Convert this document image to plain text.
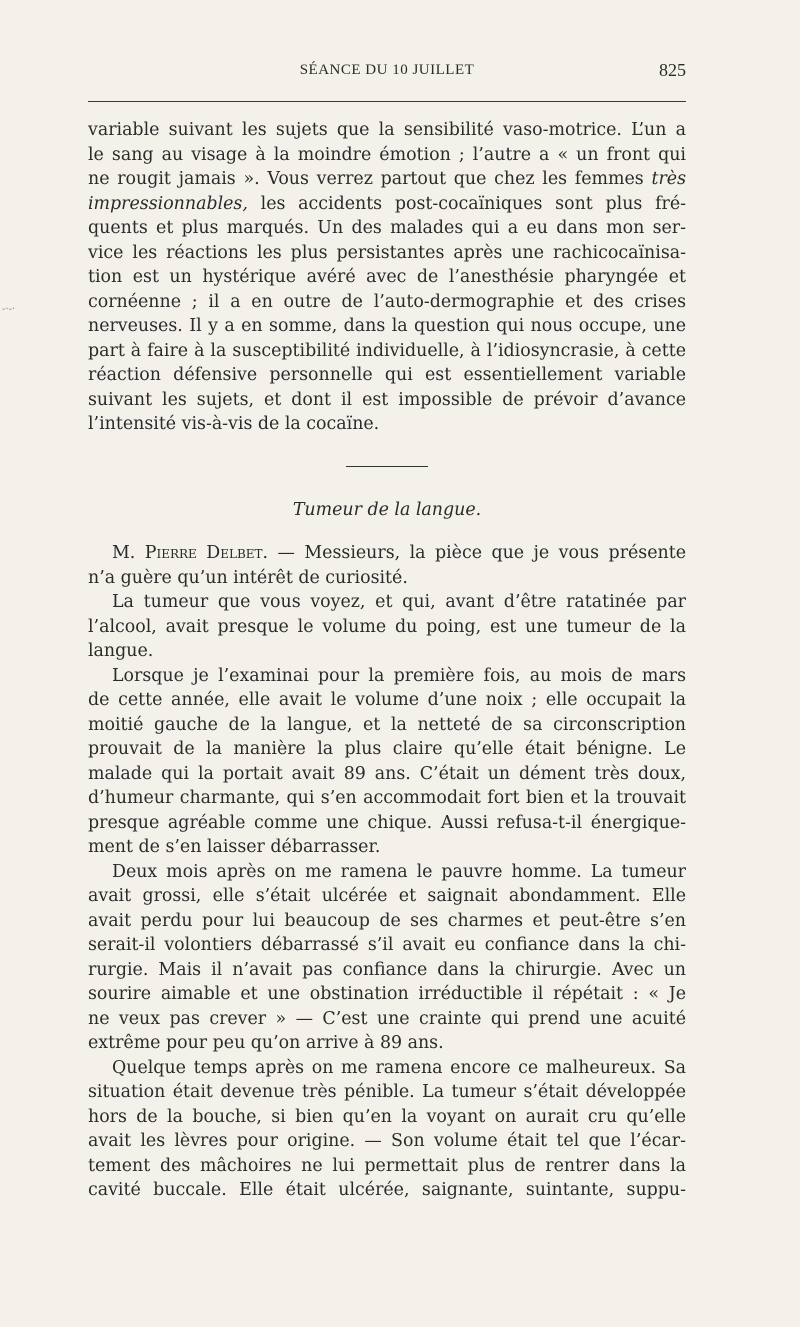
SÉANCE DU 10 JUILLET	825
-·-·
variable suivant les sujets que la sensibilité vaso-motrice. L’un a
le sang au visage à la moindre émotion ; l’autre a « un front qui
ne rougit jamais ». Vous verrez partout que chez les femmes très
impressionnables, les accidents post-cocaïniques sont plus fré-
quents et plus marqués. Un des malades qui a eu dans mon ser-
vice les réactions les plus persistantes après une rachicocaïnisa-
tion est un hystérique avéré avec de l’anesthésie pharyngée et
cornéenne ; il a en outre de l’auto-dermographie et des crises
nerveuses. Il y a en somme, dans la question qui nous occupe, une
part à faire à la susceptibilité individuelle, à l’idiosyncrasie, à cette
réaction défensive personnelle qui est essentiellement variable
suivant les sujets, et dont il est impossible de prévoir d’avance
l’intensité vis-à-vis de la cocaïne.
Tumeur de la langue.
M. Pierre Delbet. — Messieurs, la pièce que je vous présente
n’a guère qu’un intérêt de curiosité.
La tumeur que vous voyez, et qui, avant d’être ratatinée par
l’alcool, avait presque le volume du poing, est une tumeur de la
langue.
Lorsque je l’examinai pour la première fois, au mois de mars
de cette année, elle avait le volume d’une noix ; elle occupait la
moitié gauche de la langue, et la netteté de sa circonscription
prouvait de la manière la plus claire qu’elle était bénigne. Le
malade qui la portait avait 89 ans. C’était un dément très doux,
d’humeur charmante, qui s’en accommodait fort bien et la trouvait
presque agréable comme une chique. Aussi refusa-t-il énergique-
ment de s’en laisser débarrasser.
Deux mois après on me ramena le pauvre homme. La tumeur
avait grossi, elle s’était ulcérée et saignait abondamment. Elle
avait perdu pour lui beaucoup de ses charmes et peut-être s’en
serait-il volontiers débarrassé s’il avait eu confiance dans la chi-
rurgie. Mais il n’avait pas confiance dans la chirurgie. Avec un
sourire aimable et une obstination irréductible il répétait : « Je
ne veux pas crever » — C’est une crainte qui prend une acuité
extrême pour peu qu’on arrive à 89 ans.
Quelque temps après on me ramena encore ce malheureux. Sa
situation était devenue très pénible. La tumeur s’était développée
hors de la bouche, si bien qu’en la voyant on aurait cru qu’elle
avait les lèvres pour origine. — Son volume était tel que l’écar-
tement des mâchoires ne lui permettait plus de rentrer dans la
cavité buccale. Elle était ulcérée, saignante, suintante, suppu-
